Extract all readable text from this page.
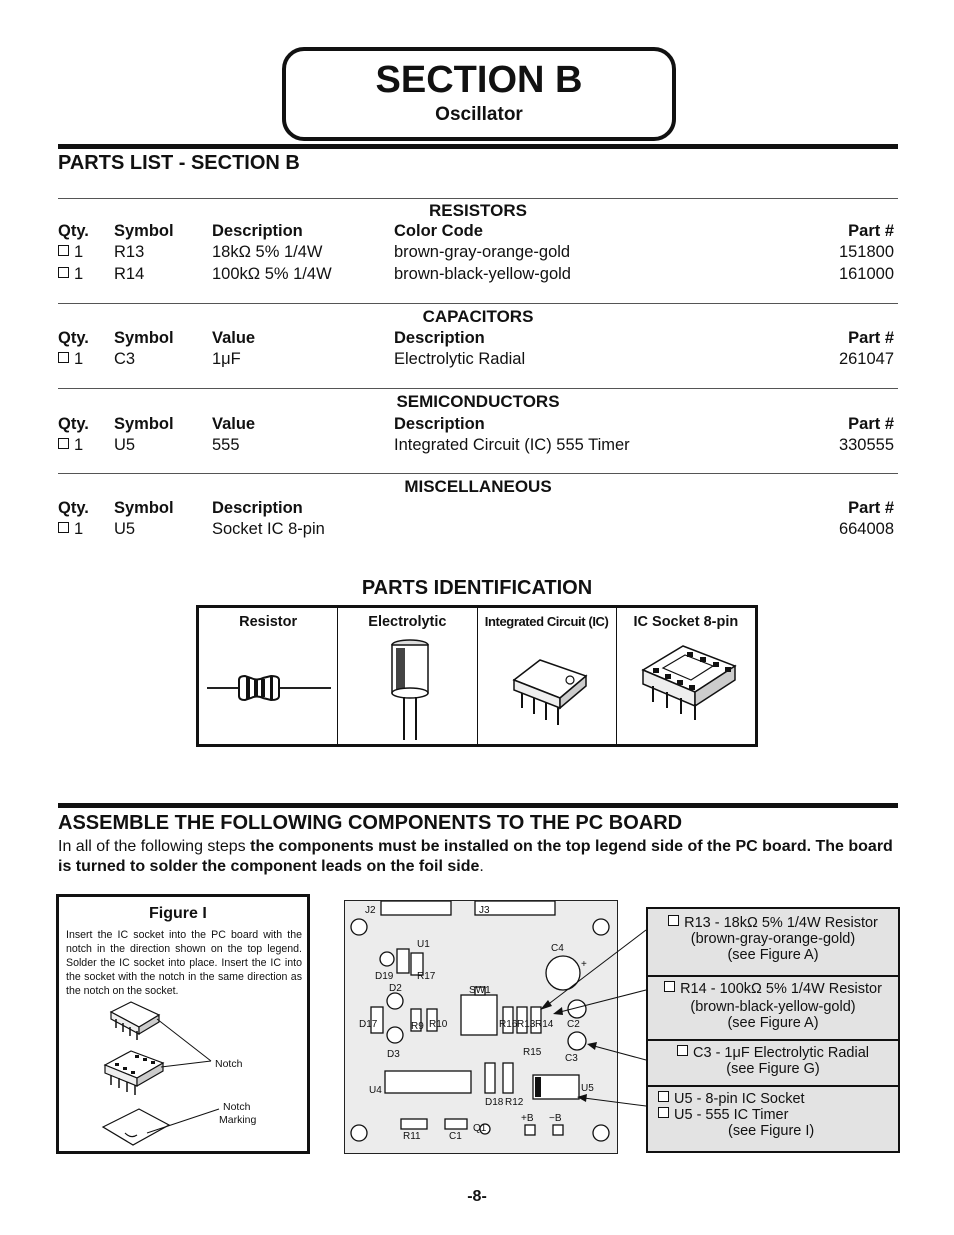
SECTION B
Oscillator
PARTS LIST - SECTION B
RESISTORS
Qty. Symbol Description	Color Code	Part #
1 R13	18kΩ 5% 1/4W	brown-gray-orange-gold	151800
1 R14	100kΩ 5% 1/4W	brown-black-yellow-gold	161000
CAPACITORS
Qty. Symbol Value	Description	Part #
1 C3	1μF	Electrolytic Radial	261047
SEMICONDUCTORS
Qty. Symbol Value	Description	Part #
1 U5	555	Integrated Circuit (IC) 555 Timer	330555
MISCELLANEOUS
Qty. Symbol Description	Part #
1 U5	Socket IC 8-pin	664008
PARTS IDENTIFICATION
Resistor	Electrolytic	Integrated Circuit (IC)	IC Socket 8-pin
ASSEMBLE THE FOLLOWING COMPONENTS TO THE PC BOARD
In all of the following steps the components must be installed on the top legend side of the PC board. The board is turned to solder the component leads on the foil side.
Figure I
Insert the IC socket into the PC board with the notch in the direction shown on the top legend. Solder the IC socket into place. Insert the IC into the socket with the notch in the same direction as the notch on the socket.
Notch
Notch
Marking
J2	J3
U1
R17
D19
C4
+
D2	SW1
D17	R9 R10	R16 R13 R14 C2
R15
C3
D3
U4
D18 R12
U5
R11	C1
Q1
+B −B
R13 - 18kΩ 5% 1/4W Resistor
(brown-gray-orange-gold)
(see Figure A)
R14 - 100kΩ 5% 1/4W Resistor
(brown-black-yellow-gold)
(see Figure A)
C3 - 1μF Electrolytic Radial
(see Figure G)
U5 - 8-pin IC Socket
U5 - 555 IC Timer
(see Figure I)
-8-
